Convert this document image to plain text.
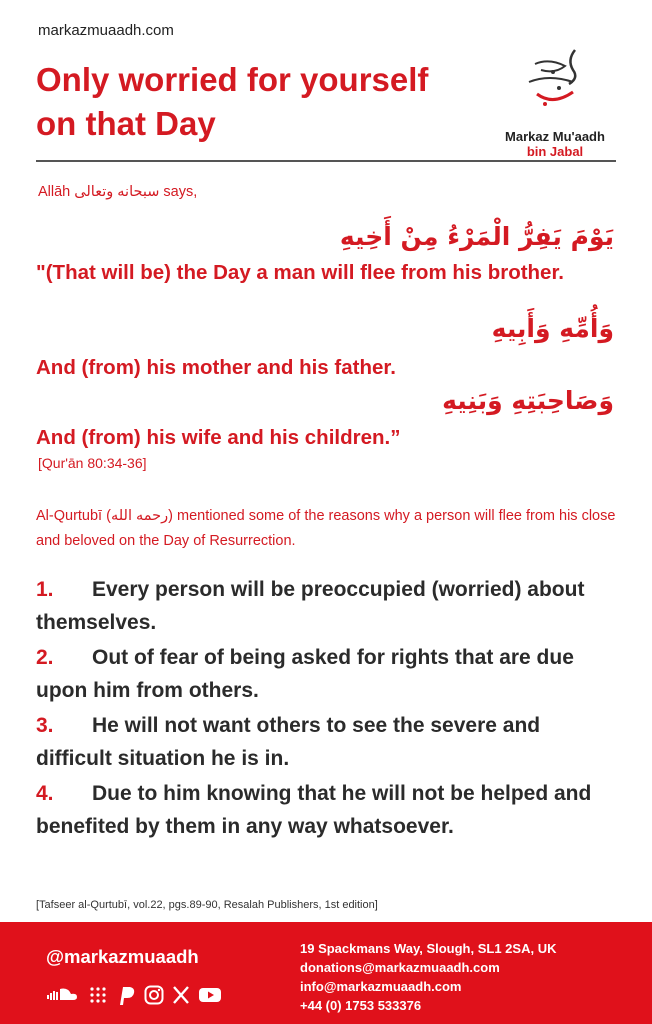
markazmuaadh.com
Only worried for yourself on that Day	Markaz Mu'aadh
bin Jabal
Allāh سبحانه وتعالى says,
يَوْمَ يَفِرُّ الْمَرْءُ مِنْ أَخِيهِ
"(That will be) the Day a man will flee from his brother.
وَأُمِّهِ وَأَبِيهِ
And (from) his mother and his father.
وَصَاحِبَتِهِ وَبَنِيهِ
And (from) his wife and his children.”
[Qur'ān 80:34-36]
Al-Qurtubī (رحمه الله) mentioned some of the reasons why a person will flee from his close and beloved on the Day of Resurrection.
1. Every person will be preoccupied (worried) about themselves.
2. Out of fear of being asked for rights that are due upon him from others.
3. He will not want others to see the severe and difficult situation he is in.
4. Due to him knowing that he will not be helped and benefited by them in any way whatsoever.
[Tafseer al-Qurtubī, vol.22, pgs.89-90, Resalah Publishers, 1st edition]
@markazmuaadh	19 Spackmans Way, Slough, SL1 2SA, UK
donations@markazmuaadh.com
info@markazmuaadh.com
+44 (0) 1753 533376
